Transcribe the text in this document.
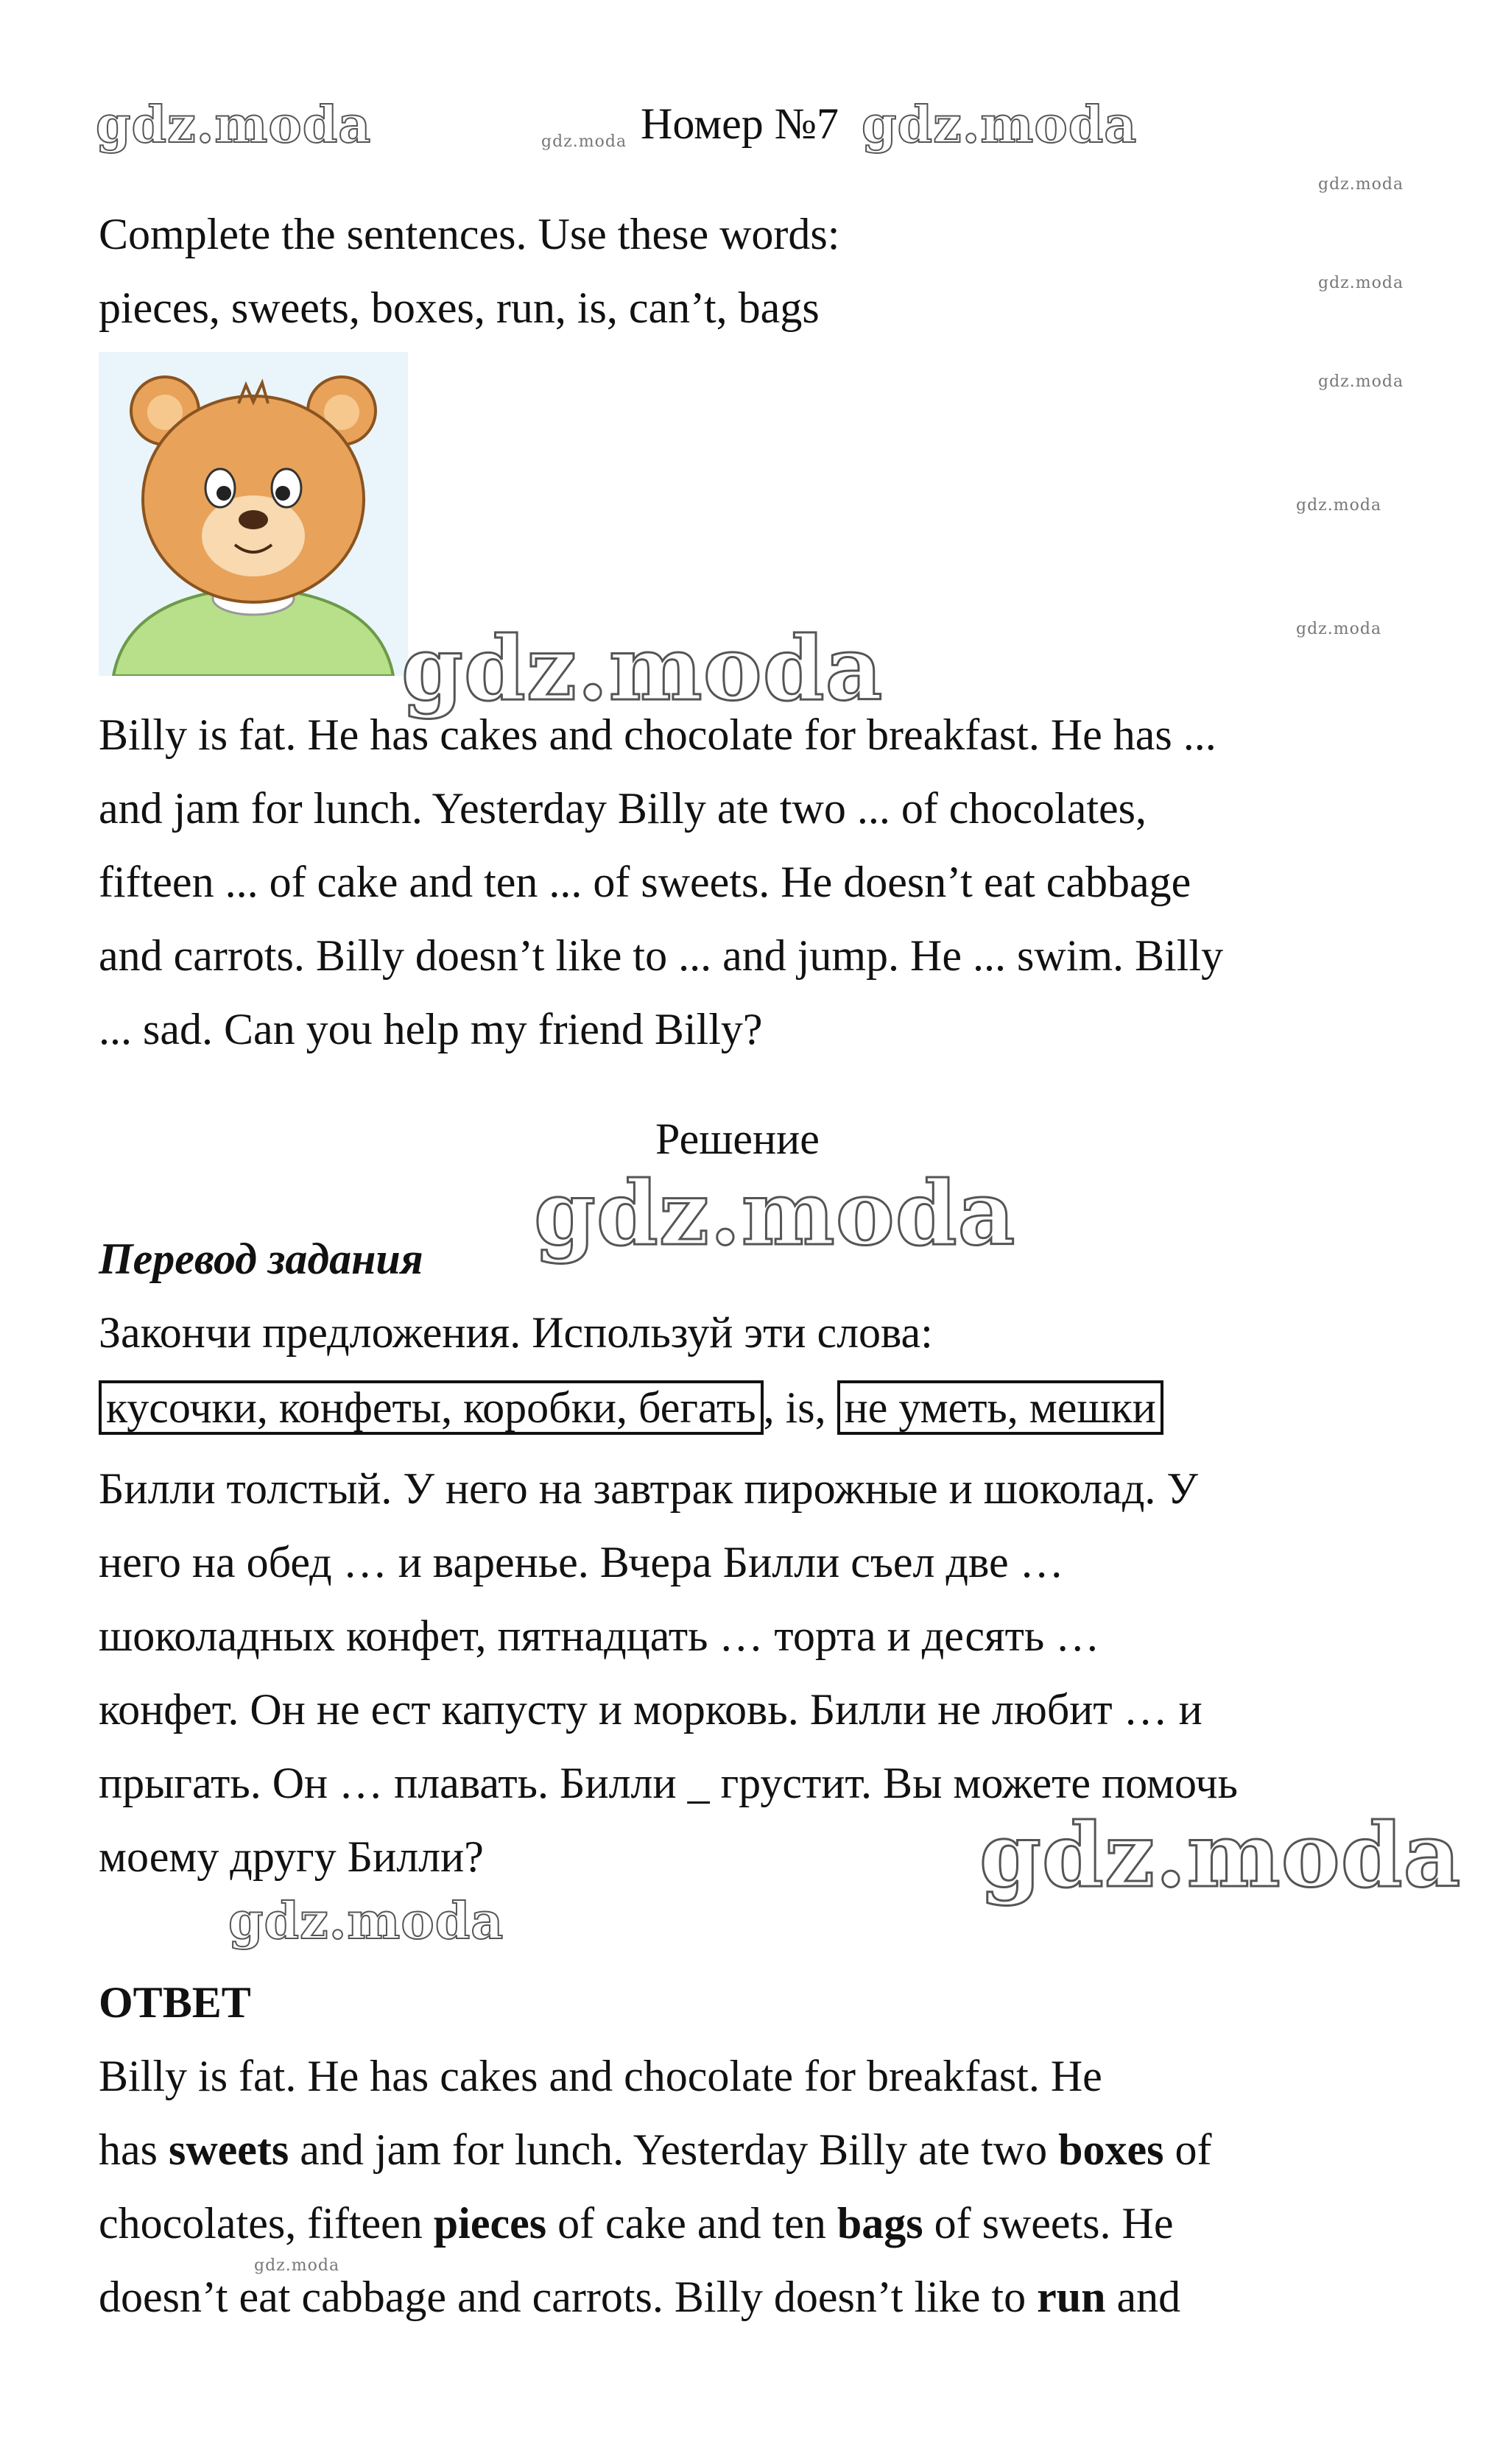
Номер №7
Complete the sentences. Use these words:
pieces, sweets, boxes, run, is, can’t, bags
Billy is fat. He has cakes and chocolate for breakfast. He has ...
and jam for lunch. Yesterday Billy ate two ... of chocolates,
fifteen ... of cake and ten ... of sweets. He doesn’t eat cabbage
and carrots. Billy doesn’t like to ... and jump. He ... swim. Billy
... sad. Can you help my friend Billy?
Решение
Перевод задания
Закончи предложения. Используй эти слова:
кусочки, конфеты, коробки, бегать , is, не уметь, мешки
Билли толстый. У него на завтрак пирожные и шоколад. У
него на обед … и варенье. Вчера Билли съел две …
шоколадных конфет, пятнадцать … торта и десять …
конфет. Он не ест капусту и морковь. Билли не любит … и
прыгать. Он … плавать. Билли _ грустит. Вы можете помочь
моему другу Билли?
ОТВЕТ
Billy is fat. He has cakes and chocolate for breakfast. He
has sweets and jam for lunch. Yesterday Billy ate two boxes of
chocolates, fifteen pieces of cake and ten bags of sweets. He
doesn’t eat cabbage and carrots. Billy doesn’t like to run and
gdz.moda	gdz.moda
gdz.moda
gdz.moda
gdz.moda
gdz.moda
gdz.moda
gdz.moda
gdz.moda
gdz.moda
gdz.moda
gdz.moda
gdz.moda
